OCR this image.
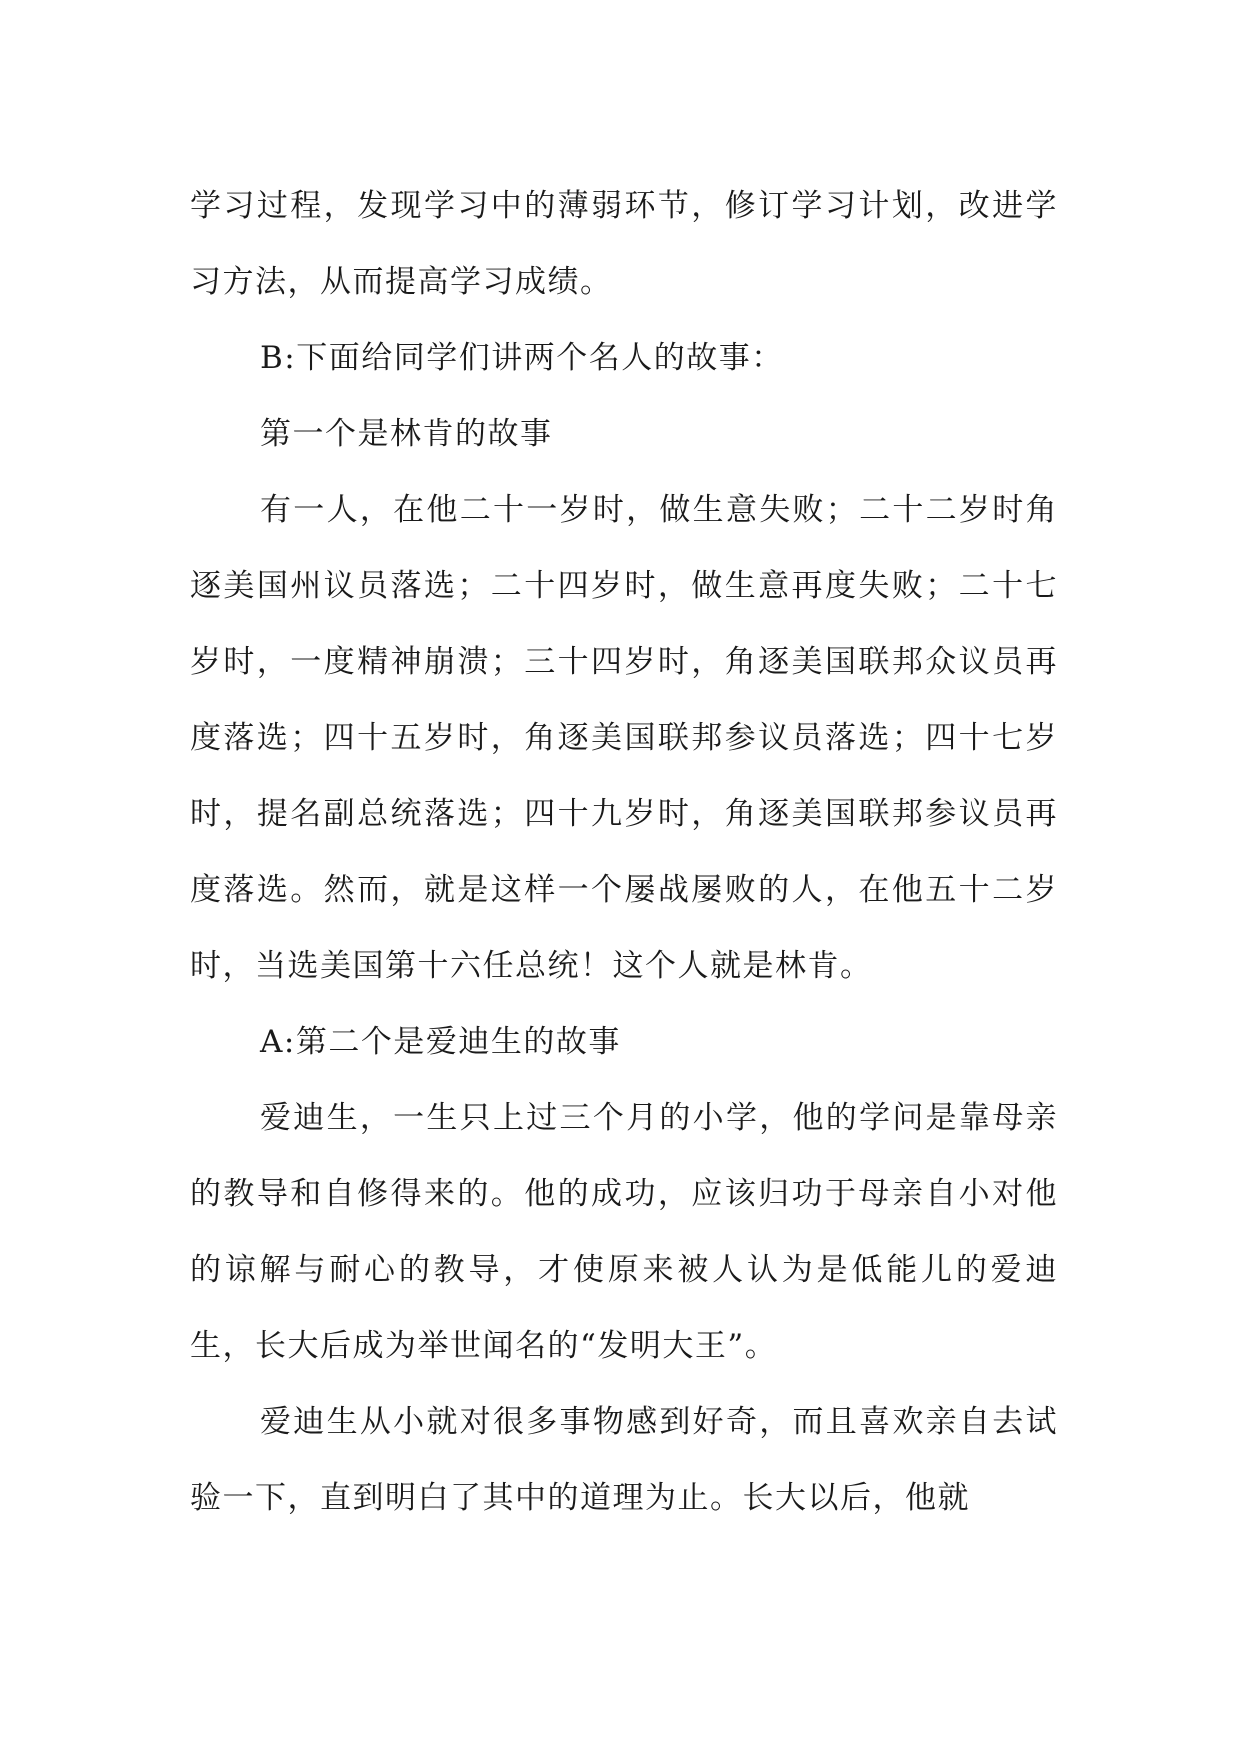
学习过程，发现学习中的薄弱环节，修订学习计划，改进学习方法，从而提高学习成绩。

B:下面给同学们讲两个名人的故事：

第一个是林肯的故事

有一人，在他二十一岁时，做生意失败；二十二岁时角逐美国州议员落选；二十四岁时，做生意再度失败；二十七岁时，一度精神崩溃；三十四岁时，角逐美国联邦众议员再度落选；四十五岁时，角逐美国联邦参议员落选；四十七岁时，提名副总统落选；四十九岁时，角逐美国联邦参议员再度落选。然而，就是这样一个屡战屡败的人，在他五十二岁时，当选美国第十六任总统！这个人就是林肯。

A:第二个是爱迪生的故事

爱迪生，一生只上过三个月的小学，他的学问是靠母亲的教导和自修得来的。他的成功，应该归功于母亲自小对他的谅解与耐心的教导，才使原来被人认为是低能儿的爱迪生，长大后成为举世闻名的“发明大王”。

爱迪生从小就对很多事物感到好奇，而且喜欢亲自去试验一下，直到明白了其中的道理为止。长大以后，他就
